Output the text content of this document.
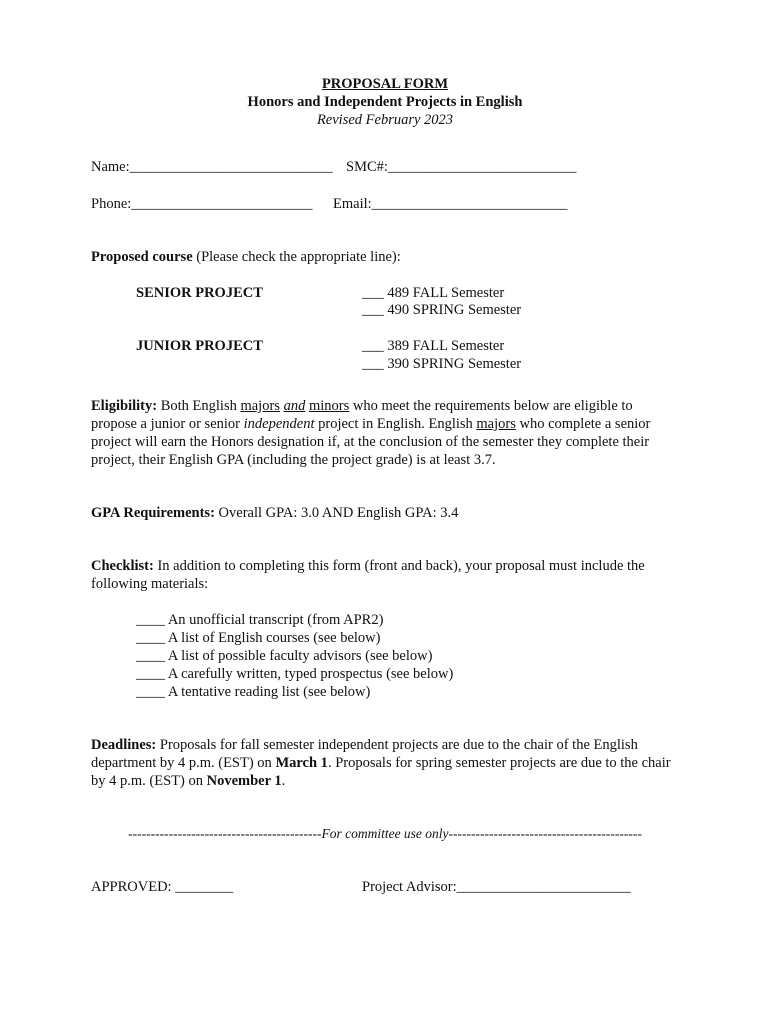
PROPOSAL FORM
Honors and Independent Projects in English
Revised February 2023
Name:____________________________ SMC#:__________________________
Phone:_________________________ Email:___________________________
Proposed course (Please check the appropriate line):
SENIOR PROJECT	___ 489 FALL Semester
___ 490 SPRING Semester
JUNIOR PROJECT	___ 389 FALL Semester
___ 390 SPRING Semester
Eligibility: Both English majors and minors who meet the requirements below are eligible to propose a junior or senior independent project in English. English majors who complete a senior project will earn the Honors designation if, at the conclusion of the semester they complete their project, their English GPA (including the project grade) is at least 3.7.
GPA Requirements: Overall GPA: 3.0 AND English GPA: 3.4
Checklist: In addition to completing this form (front and back), your proposal must include the following materials:
____ An unofficial transcript (from APR2)
____ A list of English courses (see below)
____ A list of possible faculty advisors (see below)
____ A carefully written, typed prospectus (see below)
____ A tentative reading list (see below)
Deadlines: Proposals for fall semester independent projects are due to the chair of the English department by 4 p.m. (EST) on March 1. Proposals for spring semester projects are due to the chair by 4 p.m. (EST) on November 1.
-------------------------------------------For committee use only-------------------------------------------
APPROVED: ________	Project Advisor:________________________
